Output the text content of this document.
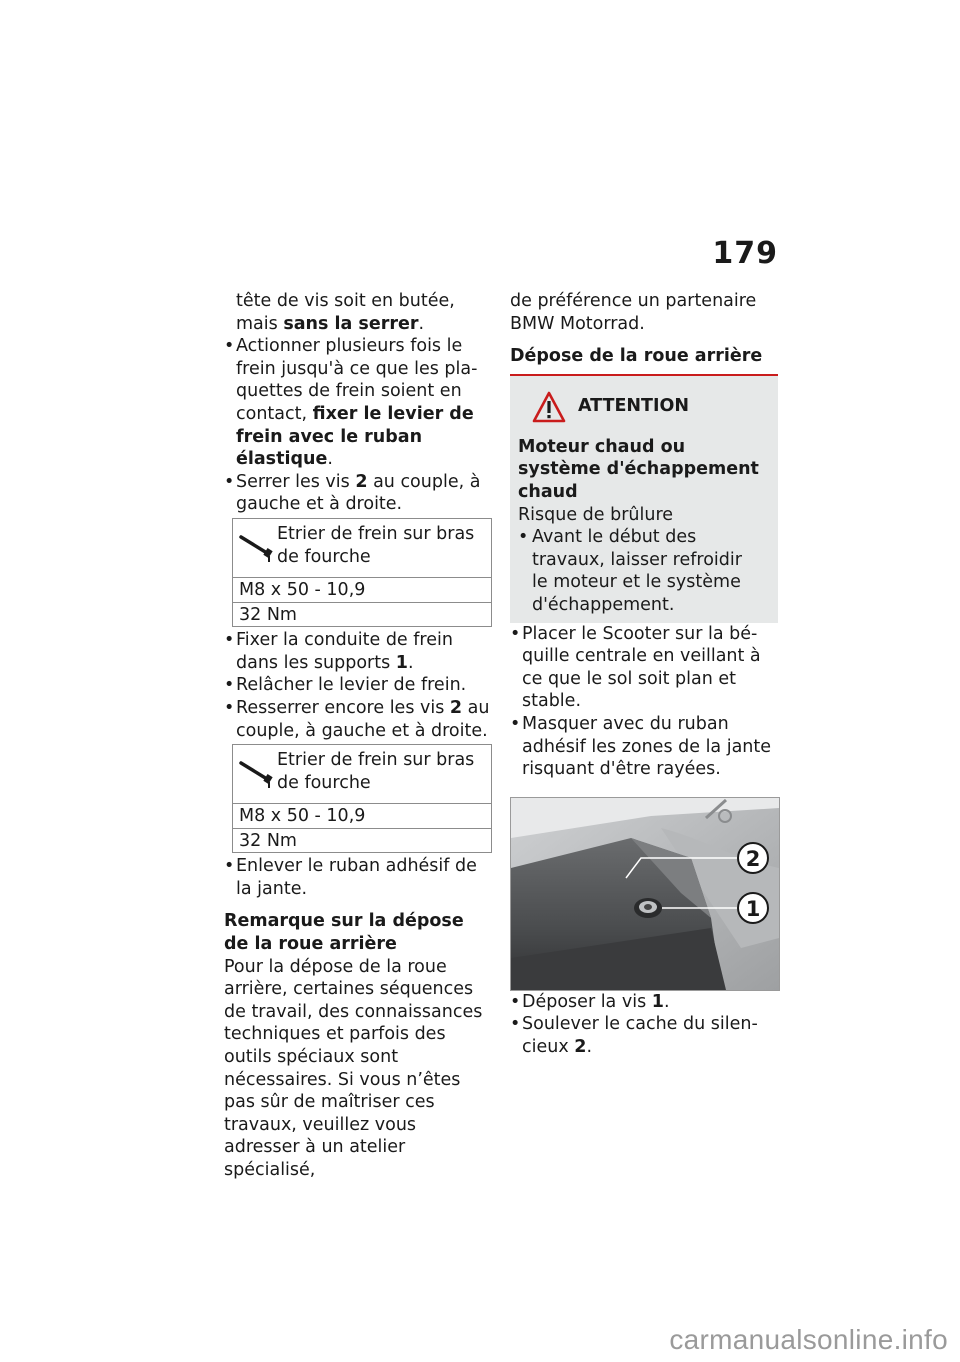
179

tête de vis soit en butée, mais sans la serrer.

• Actionner plusieurs fois le frein jusqu'à ce que les plaquettes de frein soient en contact, fixer le levier de frein avec le ruban élastique.
• Serrer les vis 2 au couple, à gauche et à droite.
Etrier de frein sur bras de fourche
M8 x 50 - 10,9
32 Nm
• Fixer la conduite de frein dans les supports 1.
• Relâcher le levier de frein.
• Resserrer encore les vis 2 au couple, à gauche et à droite.
Etrier de frein sur bras de fourche
M8 x 50 - 10,9
32 Nm
• Enlever le ruban adhésif de la jante.

Remarque sur la dépose de la roue arrière

Pour la dépose de la roue arrière, certaines séquences de travail, des connaissances techniques et parfois des outils spéciaux sont nécessaires. Si vous n’êtes pas sûr de maîtriser ces travaux, veuillez vous adresser à un atelier spécialisé,

de préférence un partenaire BMW Motorrad.

Dépose de la roue arrière

ATTENTION

Moteur chaud ou système d'échappement chaud

Risque de brûlure

• Avant le début des travaux, laisser refroidir le moteur et le système d'échappement.
• Placer le Scooter sur la béquille centrale en veillant à ce que le sol soit plan et stable.
• Masquer avec du ruban adhésif les zones de la jante risquant d'être rayées.
2
1
• Déposer la vis 1.
• Soulever le cache du silencieux 2.
carmanualsonline.info
